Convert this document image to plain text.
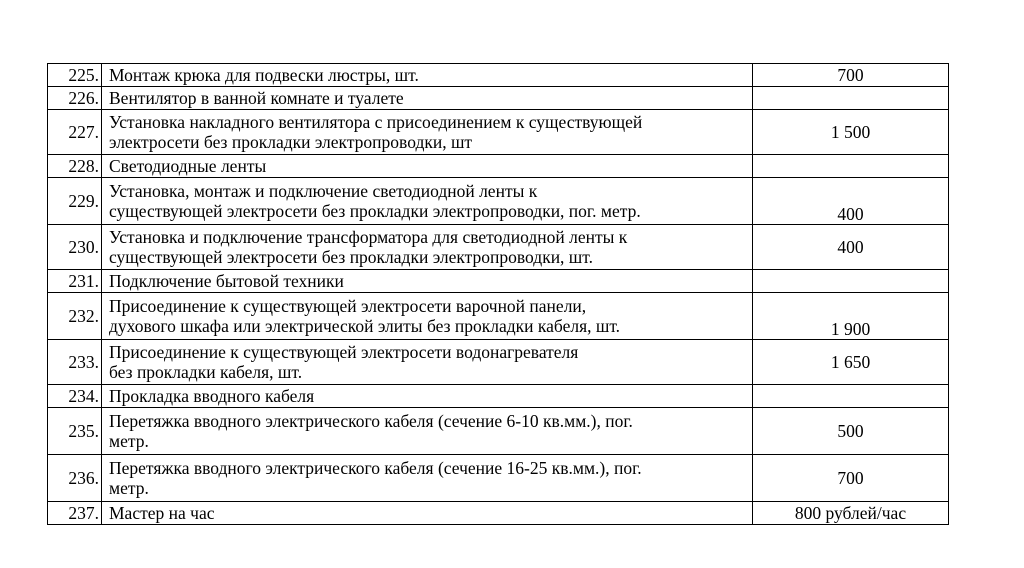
225.	Монтаж крюка для подвески люстры, шт.	700
226.	Вентилятор в ванной комнате и туалете	
227.	Установка накладного вентилятора с присоединением к существующей
электросети без прокладки электропроводки, шт	1 500
228.	Светодиодные ленты	
229.	Установка, монтаж и подключение светодиодной ленты к
существующей электросети без прокладки электропроводки, пог. метр.	400
230.	Установка и подключение трансформатора для светодиодной ленты к
существующей электросети без прокладки электропроводки, шт.	400
231.	Подключение бытовой техники	
232.	Присоединение к существующей электросети варочной панели,
духового шкафа или электрической элиты без прокладки кабеля, шт.	1 900
233.	Присоединение к существующей электросети водонагревателя
без прокладки кабеля, шт.	1 650
234.	Прокладка вводного кабеля	
235.	Перетяжка вводного электрического кабеля (сечение 6-10 кв.мм.), пог.
метр.	500
236.	Перетяжка вводного электрического кабеля (сечение 16-25 кв.мм.), пог.
метр.	700
237.	Мастер на час	800 рублей/час
